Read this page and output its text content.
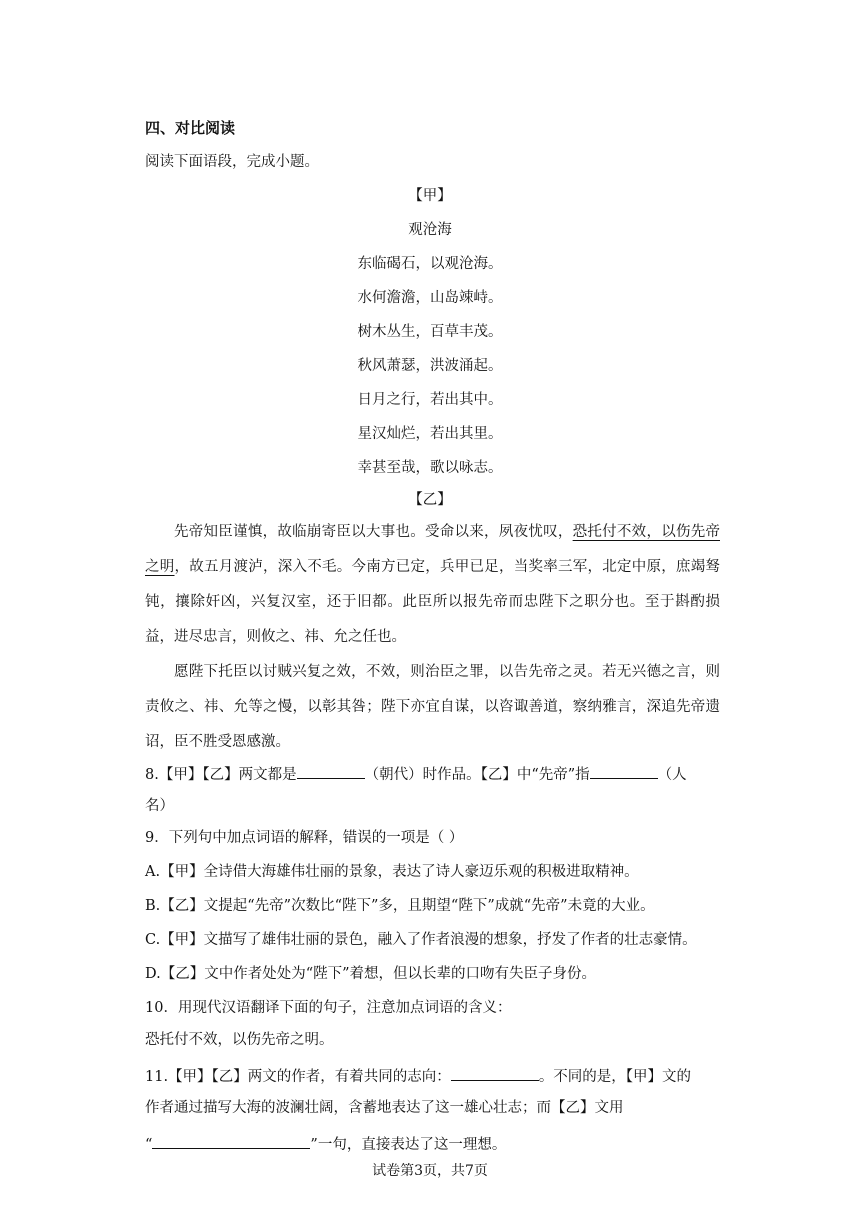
四、对比阅读
阅读下面语段，完成小题。
【甲】
观沧海
东临碣石，以观沧海。
水何澹澹，山岛竦峙。
树木丛生，百草丰茂。
秋风萧瑟，洪波涌起。
日月之行，若出其中。
星汉灿烂，若出其里。
幸甚至哉，歌以咏志。
【乙】
先帝知臣谨慎，故临崩寄臣以大事也。受命以来，夙夜忧叹，恐托付不效，以伤先帝之明，故五月渡泸，深入不毛。今南方已定，兵甲已足，当奖率三军，北定中原，庶竭驽钝，攘除奸凶，兴复汉室，还于旧都。此臣所以报先帝而忠陛下之职分也。至于斟酌损益，进尽忠言，则攸之、祎、允之任也。
愿陛下托臣以讨贼兴复之效，不效，则治臣之罪，以告先帝之灵。若无兴德之言，则责攸之、祎、允等之慢，以彰其咎；陛下亦宜自谋，以咨诹善道，察纳雅言，深追先帝遗诏，臣不胜受恩感激。
8.【甲】【乙】两文都是	（朝代）时作品。【乙】中“先帝”指	（人
名）
9．下列句中加点词语的解释，错误的一项是（ ）
A.【甲】全诗借大海雄伟壮丽的景象，表达了诗人豪迈乐观的积极进取精神。
B.【乙】文提起“先帝”次数比“陛下”多，且期望“陛下”成就“先帝”未竟的大业。
C.【甲】文描写了雄伟壮丽的景色，融入了作者浪漫的想象，抒发了作者的壮志豪情。
D.【乙】文中作者处处为“陛下”着想，但以长辈的口吻有失臣子身份。
10．用现代汉语翻译下面的句子，注意加点词语的含义：
恐托付不效，以伤先帝之明。
11.【甲】【乙】两文的作者，有着共同的志向：	。不同的是，【甲】文的
作者通过描写大海的波澜壮阔，含蓄地表达了这一雄心壮志；而【乙】文用
“	”一句，直接表达了这一理想。
试卷第3页，共7页
